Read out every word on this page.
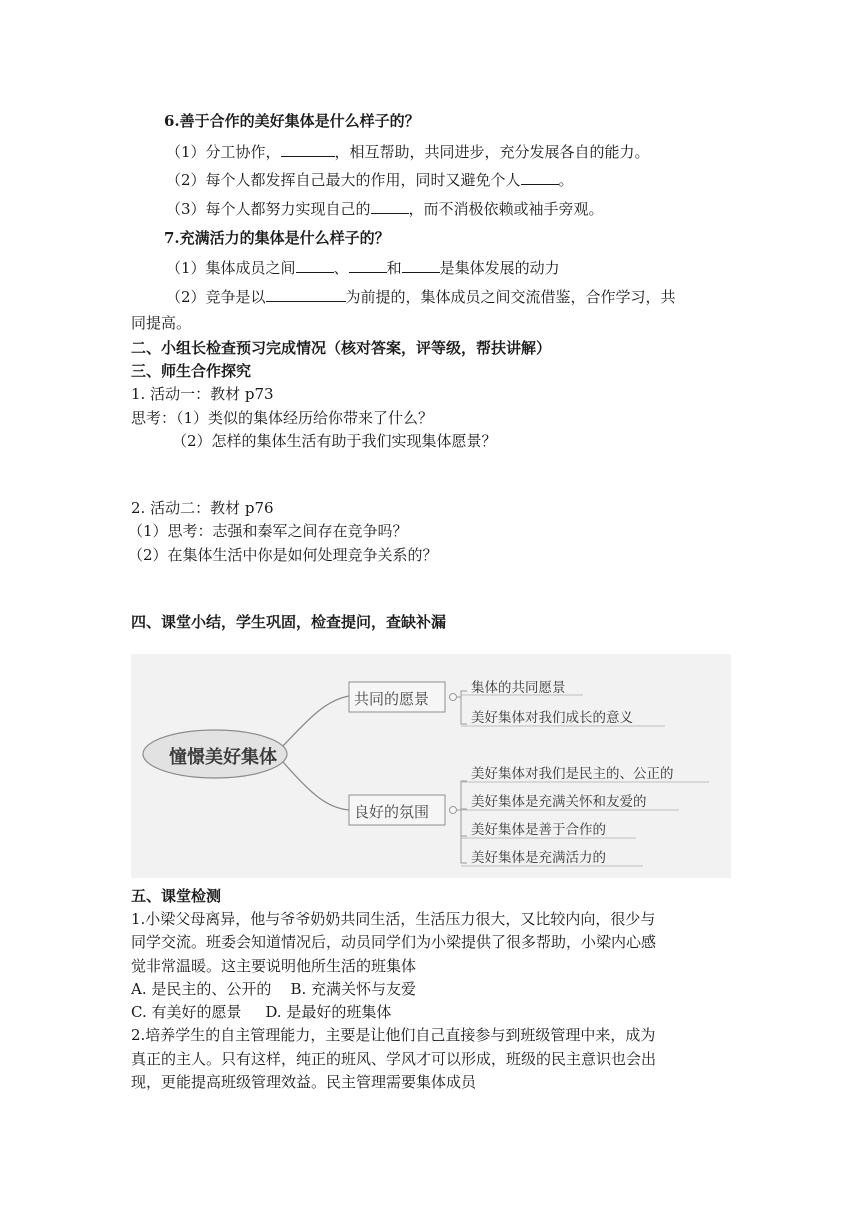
6.善于合作的美好集体是什么样子的？
（1）分工协作，	，相互帮助，共同进步，充分发展各自的能力。
（2）每个人都发挥自己最大的作用，同时又避免个人	。
（3）每个人都努力实现自己的	，而不消极依赖或袖手旁观。
7.充满活力的集体是什么样子的？
（1）集体成员之间	、	和	是集体发展的动力
（2）竞争是以	为前提的，集体成员之间交流借鉴，合作学习，共
同提高。
二、小组长检查预习完成情况（核对答案，评等级，帮扶讲解）
三、师生合作探究
1. 活动一：教材 p73
思考：（1）类似的集体经历给你带来了什么？
（2）怎样的集体生活有助于我们实现集体愿景？
2. 活动二：教材 p76
（1）思考：志强和秦军之间存在竞争吗？
（2）在集体生活中你是如何处理竞争关系的？
四、课堂小结，学生巩固，检查提问，查缺补漏
憧憬美好集体
共同的愿景
良好的氛围
集体的共同愿景
美好集体对我们成长的意义
美好集体对我们是民主的、公正的
美好集体是充满关怀和友爱的
美好集体是善于合作的
美好集体是充满活力的
五、课堂检测
1.小梁父母离异，他与爷爷奶奶共同生活，生活压力很大，又比较内向，很少与
同学交流。班委会知道情况后，动员同学们为小梁提供了很多帮助，小梁内心感
觉非常温暖。这主要说明他所生活的班集体
A. 是民主的、公开的    B. 充满关怀与友爱
C. 有美好的愿景     D. 是最好的班集体
2.培养学生的自主管理能力，主要是让他们自己直接参与到班级管理中来，成为
真正的主人。只有这样，纯正的班风、学风才可以形成，班级的民主意识也会出
现，更能提高班级管理效益。民主管理需要集体成员
